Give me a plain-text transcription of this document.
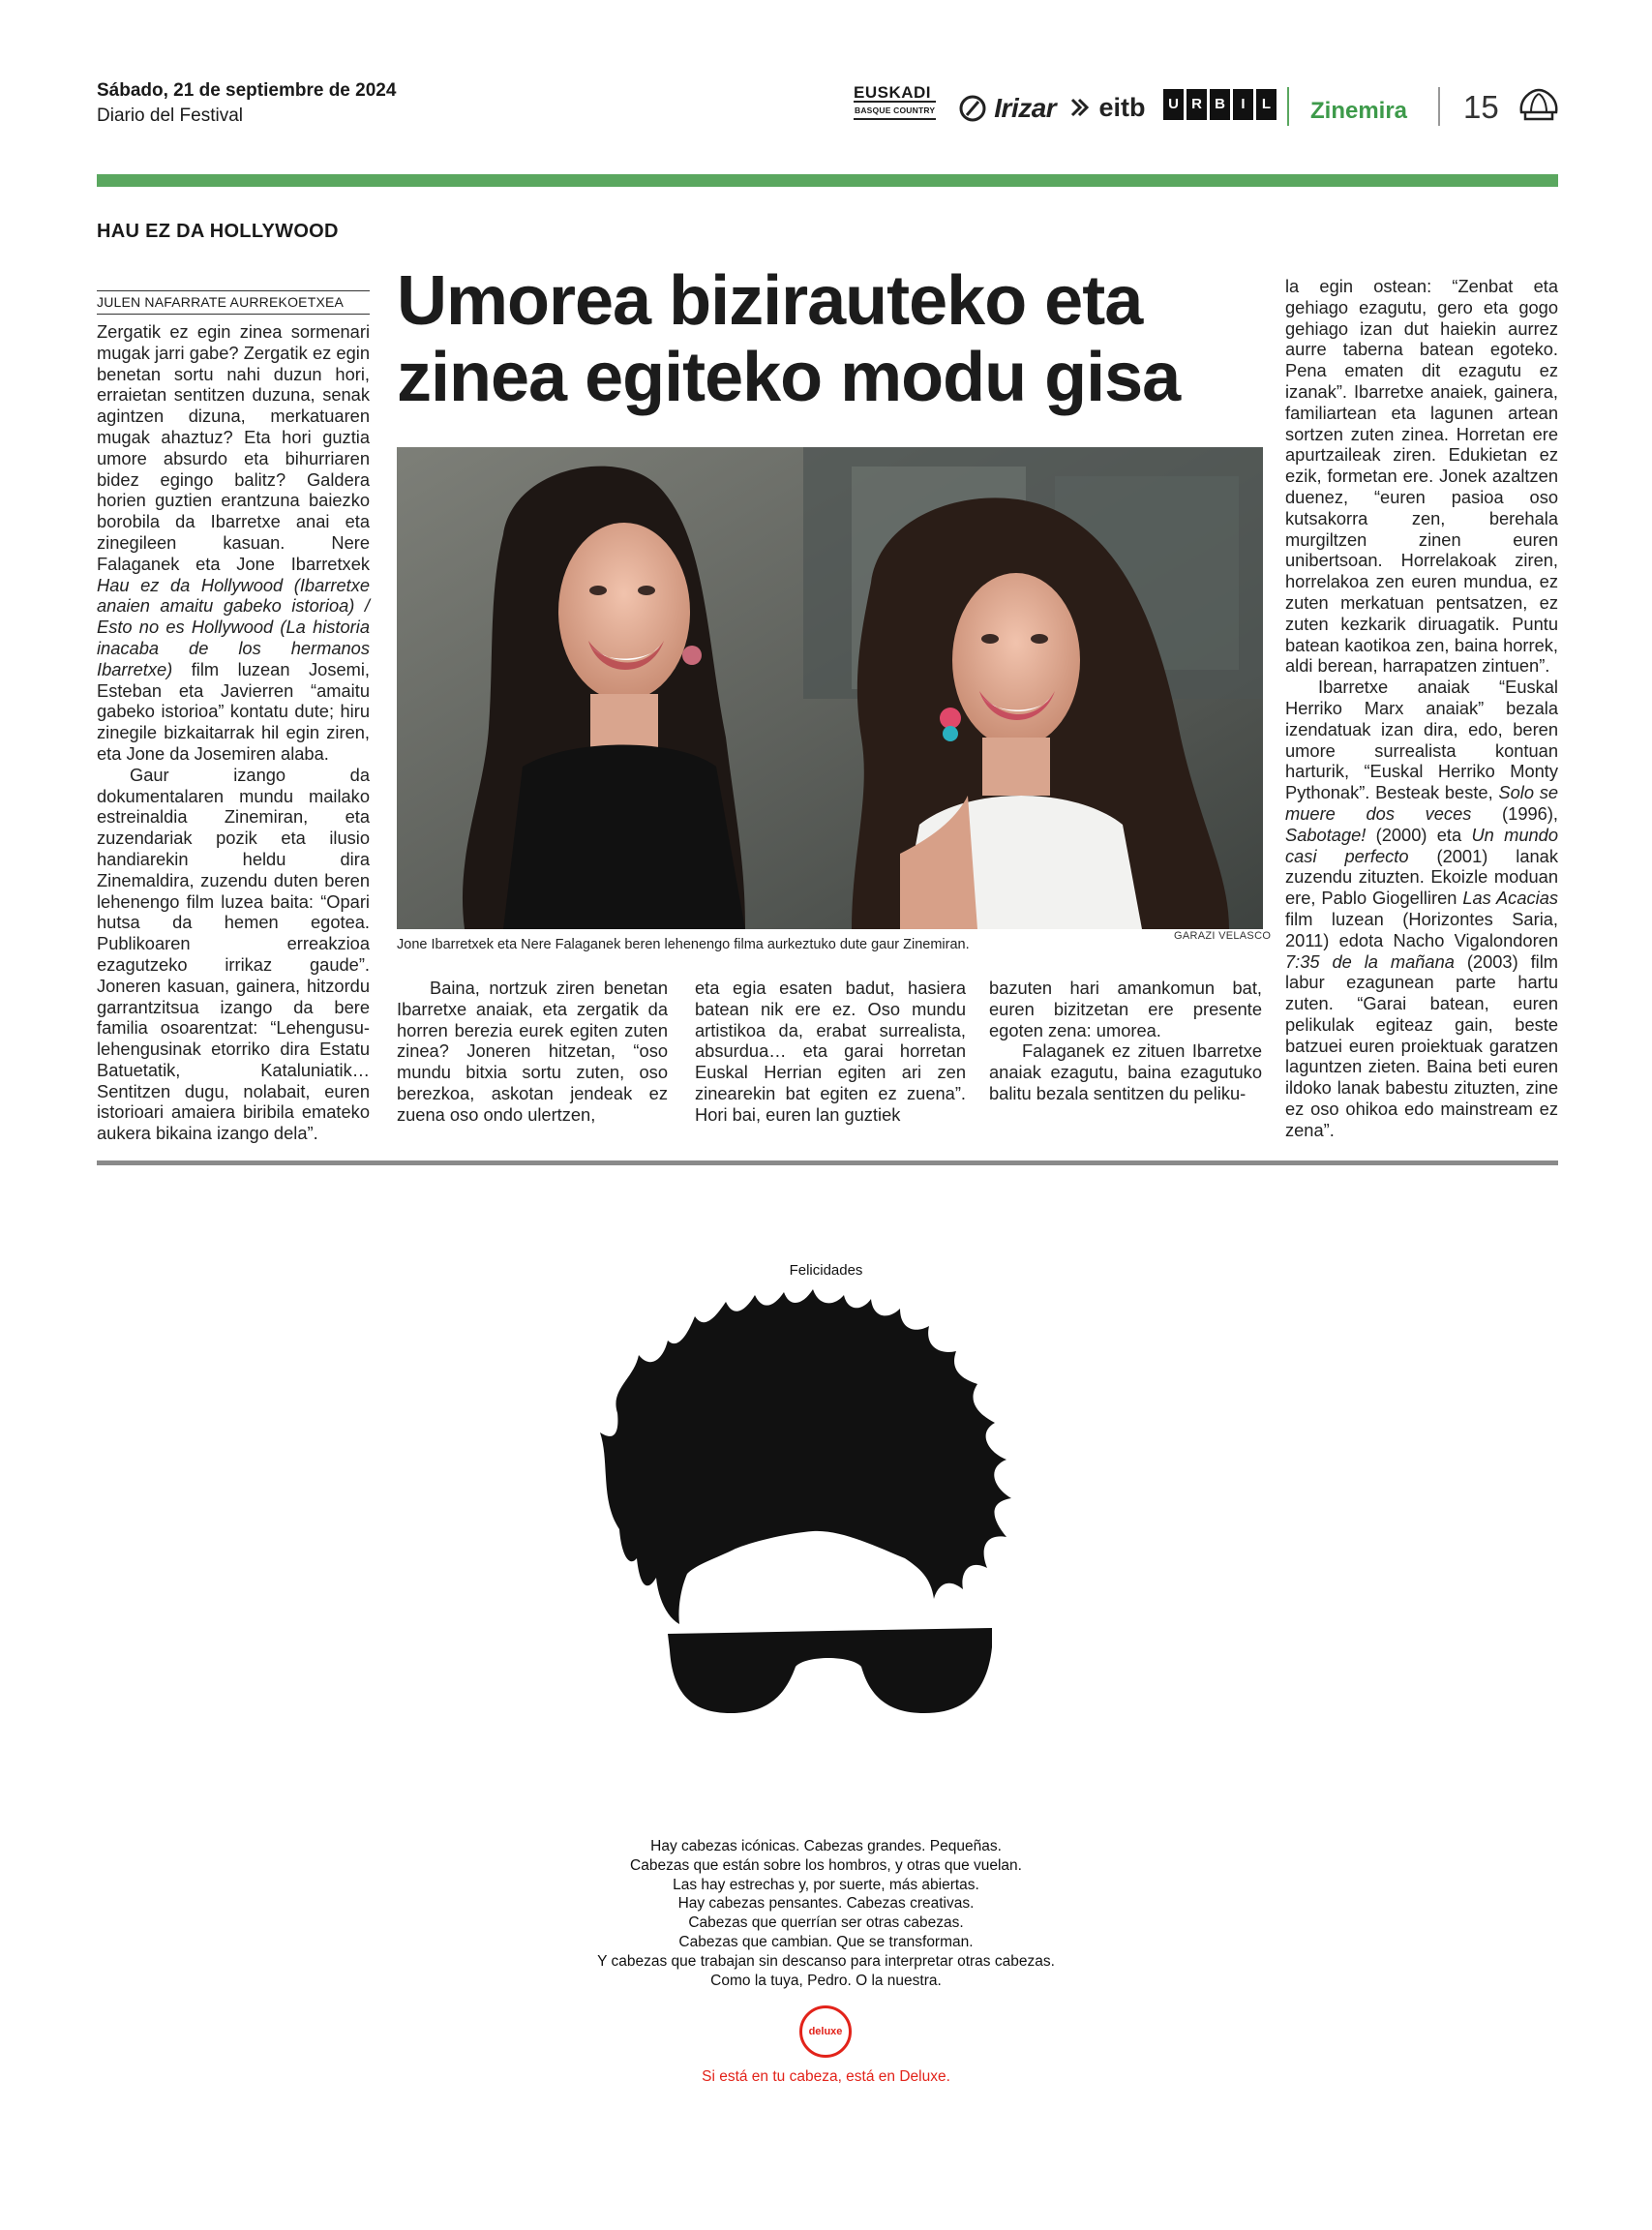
Sábado, 21 de septiembre de 2024
Diario del Festival
EUSKADI
BASQUE COUNTRY	Irizar	eitb	U R B	I	L Zinemira 15
HAU EZ DA HOLLYWOOD
JULEN NAFARRATE AURREKOETXEA Umorea bizirauteko eta
zinea egiteko modu gisa

Zergatik ez egin zinea sormenari mugak jarri gabe? Zergatik ez egin benetan sortu nahi duzun hori, erraietan sentitzen duzuna, senak agintzen dizuna, merkatuaren mugak ahaztuz? Eta hori guztia umore absurdo eta bihurriaren bidez egingo balitz? Galdera horien guztien erantzuna baiezko borobila da Ibarretxe anai eta zinegileen kasuan. Nere Falaganek eta Jone Ibarretxek Hau ez da Hollywood (Ibarretxe anaien amaitu gabeko istorioa) / Esto no es Hollywood (La historia inacaba de los hermanos Ibarretxe) film luzean Josemi, Esteban eta Javierren “amaitu gabeko istorioa” kontatu dute; hiru zinegile bizkaitarrak hil egin ziren, eta Jone da Josemiren alaba.

Gaur izango da dokumentalaren mundu mailako estreinaldia Zinemiran, eta zuzendariak pozik eta ilusio handiarekin heldu dira Zinemaldira, zuzendu duten beren lehenengo film luzea baita: “Opari hutsa da hemen egotea. Publikoaren erreakzioa ezagutzeko irrikaz gaude”. Joneren kasuan, gainera, hitzordu garrantzitsua izango da bere familia osoarentzat: “Lehengusu-lehengusinak etorriko dira Estatu Batuetatik, Kataluniatik… Sentitzen dugu, nolabait, euren istorioari amaiera biribila emateko aukera bikaina izango dela”.

Jone Ibarretxek eta Nere Falaganek beren lehenengo filma aurkeztuko dute gaur Zinemiran.
GARAZI VELASCO

Baina, nortzuk ziren benetan Ibarretxe anaiak, eta zergatik da horren berezia eurek egiten zuten zinea? Joneren hitzetan, “oso mundu bitxia sortu zuten, oso berezkoa, askotan jendeak ez zuena oso ondo ulertzen,

eta egia esaten badut, hasiera batean nik ere ez. Oso mundu artistikoa da, erabat surrealista, absurdua… eta garai horretan Euskal Herrian egiten ari zen zinearekin bat egiten ez zuena”. Hori bai, euren lan guztiek

bazuten hari amankomun bat, euren bizitzetan ere presente egoten zena: umorea.

Falaganek ez zituen Ibarretxe anaiak ezagutu, baina ezagutuko balitu bezala sentitzen du peliku-

la egin ostean: “Zenbat eta gehiago ezagutu, gero eta gogo gehiago izan dut haiekin aurrez aurre taberna batean egoteko. Pena ematen dit ezagutu ez izanak”. Ibarretxe anaiek, gainera, familiartean eta lagunen artean sortzen zuten zinea. Horretan ere apurtzaileak ziren. Edukietan ez ezik, formetan ere. Jonek azaltzen duenez, “euren pasioa oso kutsakorra zen, berehala murgiltzen zinen euren unibertsoan. Horrelakoak ziren, horrelakoa zen euren mundua, ez zuten merkatuan pentsatzen, ez zuten kezkarik diruagatik. Puntu batean kaotikoa zen, baina horrek, aldi berean, harrapatzen zintuen”.

Ibarretxe anaiak “Euskal Herriko Marx anaiak” bezala izendatuak izan dira, edo, beren umore surrealista kontuan harturik, “Euskal Herriko Monty Pythonak”. Besteak beste, Solo se muere dos veces (1996), Sabotage! (2000) eta Un mundo casi perfecto (2001) lanak zuzendu zituzten. Ekoizle moduan ere, Pablo Giogelliren Las Acacias film luzean (Horizontes Saria, 2011) edota Nacho Vigalondoren 7:35 de la mañana (2003) film labur ezagunean parte hartu zuten. “Garai batean, euren pelikulak egiteaz gain, beste batzuei euren proiektuak garatzen laguntzen zieten. Baina beti euren ildoko lanak babestu zituzten, zine ez oso ohikoa edo mainstream ez zena”.

Felicidades
Hay cabezas icónicas. Cabezas grandes. Pequeñas.
Cabezas que están sobre los hombros, y otras que vuelan.
Las hay estrechas y, por suerte, más abiertas.
Hay cabezas pensantes. Cabezas creativas.
Cabezas que querrían ser otras cabezas.
Cabezas que cambian. Que se transforman.
Y cabezas que trabajan sin descanso para interpretar otras cabezas.
Como la tuya, Pedro. O la nuestra.
deluxe
Si está en tu cabeza, está en Deluxe.
